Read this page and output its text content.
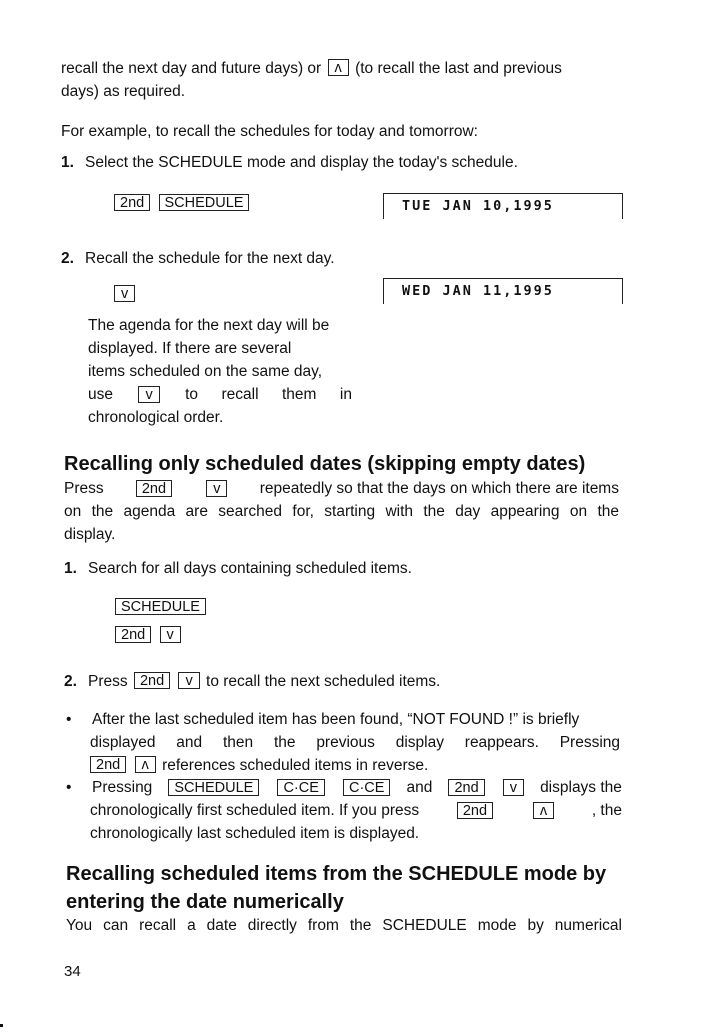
recall the next day and future days) or ʌ (to recall the last and previous
days) as required.
For example, to recall the schedules for today and tomorrow:
1. Select the SCHEDULE mode and display the today's schedule.
2nd SCHEDULE	TUE JAN 10,1995
2. Recall the schedule for the next day.
v	WED JAN 11,1995
The agenda for the next day will be
displayed. If there are several
items scheduled on the same day,
use	v	to recall them in
chronological order.
Recalling only scheduled dates (skipping empty dates)
Press	2nd	v	repeatedly so that the days on which there are items
on the agenda are searched for, starting with the day appearing on the
display.
1. Search for all days containing scheduled items.
SCHEDULE
2nd v
2. Press 2nd v to recall the next scheduled items.
•	After the last scheduled item has been found, “NOT FOUND !” is briefly
displayed and then the previous display reappears. Pressing
2nd ʌ references scheduled items in reverse.
•	Pressing	SCHEDULE	C·CE	C·CE	and	2nd	v	displays the
chronologically first scheduled item. If you press	2nd	ʌ	, the
chronologically last scheduled item is displayed.
Recalling scheduled items from the SCHEDULE mode by
entering the date numerically
You can recall a date directly from the SCHEDULE mode by numerical
34
